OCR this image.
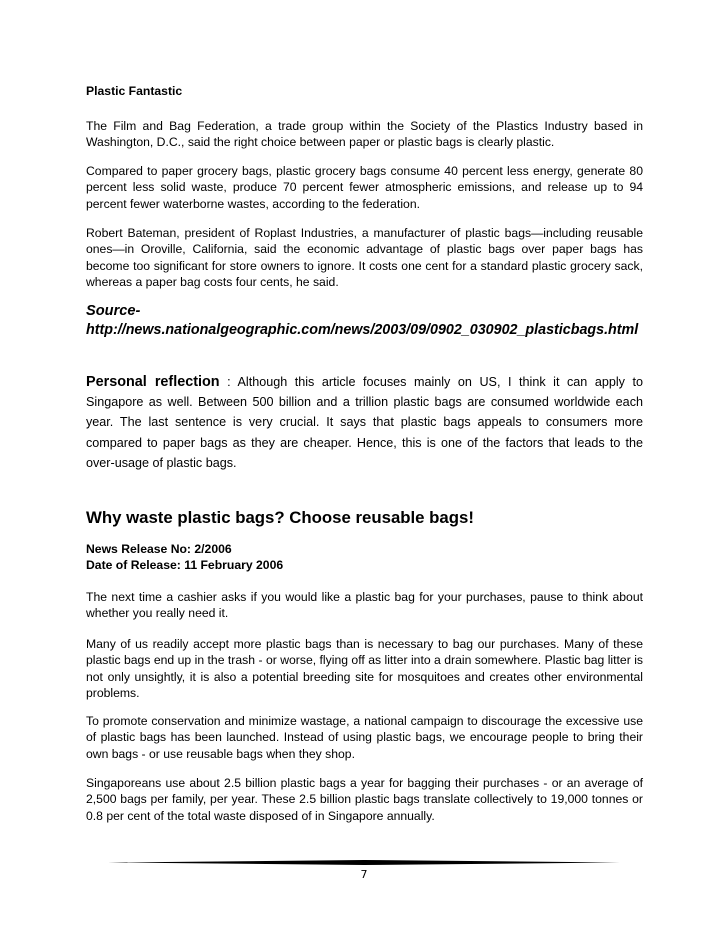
Plastic Fantastic

The Film and Bag Federation, a trade group within the Society of the Plastics Industry based in Washington, D.C., said the right choice between paper or plastic bags is clearly plastic.

Compared to paper grocery bags, plastic grocery bags consume 40 percent less energy, generate 80 percent less solid waste, produce 70 percent fewer atmospheric emissions, and release up to 94 percent fewer waterborne wastes, according to the federation.

Robert Bateman, president of Roplast Industries, a manufacturer of plastic bags—including reusable ones—in Oroville, California, said the economic advantage of plastic bags over paper bags has become too significant for store owners to ignore. It costs one cent for a standard plastic grocery sack, whereas a paper bag costs four cents, he said.

Source-

http://news.nationalgeographic.com/news/2003/09/0902_030902_plasticbags.html

Personal reflection : Although this article focuses mainly on US, I think it can apply to Singapore as well. Between 500 billion and a trillion plastic bags are consumed worldwide each year. The last sentence is very crucial. It says that plastic bags appeals to consumers more compared to paper bags as they are cheaper. Hence, this is one of the factors that leads to the over-usage of plastic bags.

Why waste plastic bags? Choose reusable bags!

News Release No: 2/2006

Date of Release: 11 February 2006

The next time a cashier asks if you would like a plastic bag for your purchases, pause to think about whether you really need it.

Many of us readily accept more plastic bags than is necessary to bag our purchases. Many of these plastic bags end up in the trash - or worse, flying off as litter into a drain somewhere. Plastic bag litter is not only unsightly, it is also a potential breeding site for mosquitoes and creates other environmental problems.

To promote conservation and minimize wastage, a national campaign to discourage the excessive use of plastic bags has been launched. Instead of using plastic bags, we encourage people to bring their own bags - or use reusable bags when they shop.

Singaporeans use about 2.5 billion plastic bags a year for bagging their purchases - or an average of 2,500 bags per family, per year. These 2.5 billion plastic bags translate collectively to 19,000 tonnes or 0.8 per cent of the total waste disposed of in Singapore annually.

7
